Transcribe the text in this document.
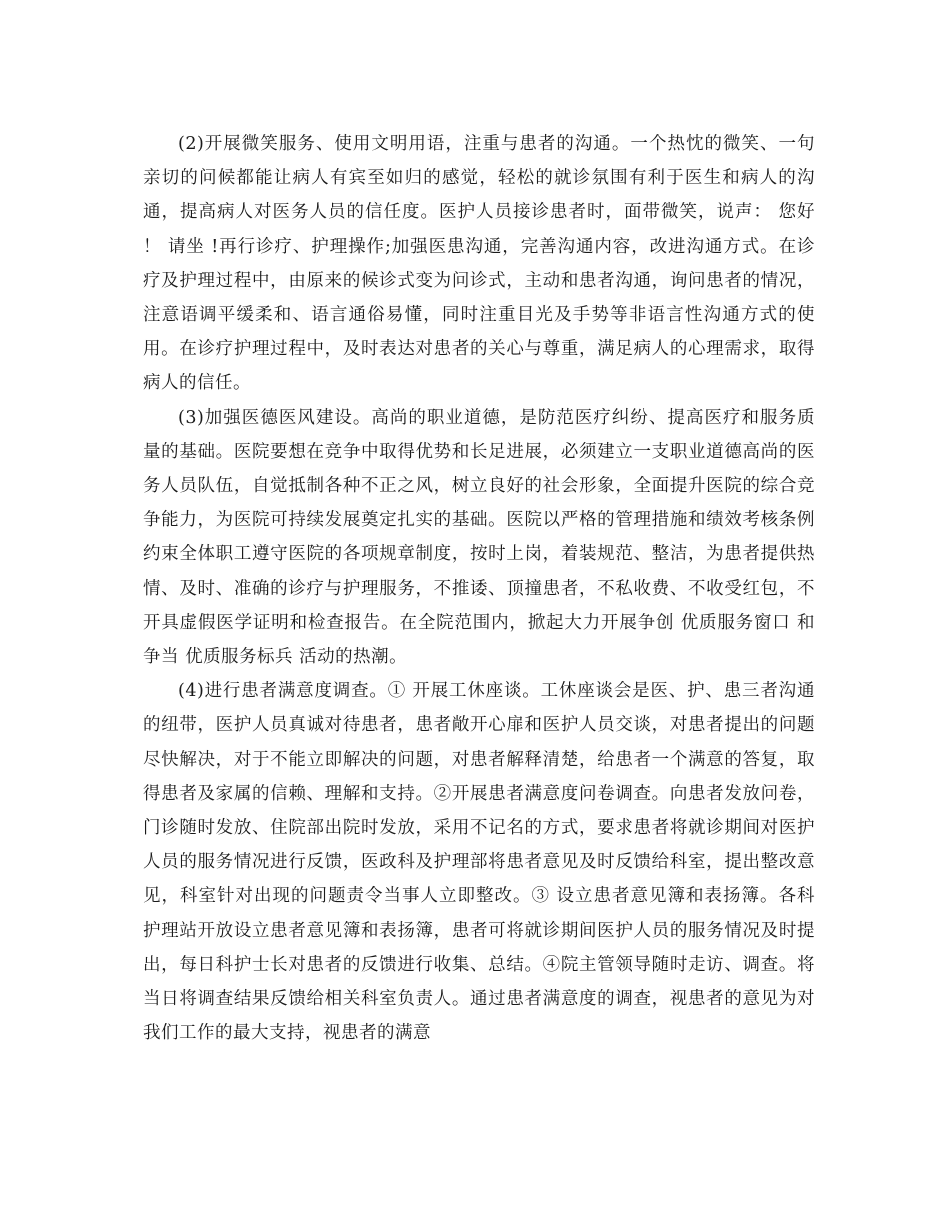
(2)开展微笑服务、使用文明用语，注重与患者的沟通。一个热忱的微笑、一句亲切的问候都能让病人有宾至如归的感觉，轻松的就诊氛围有利于医生和病人的沟通，提高病人对医务人员的信任度。医护人员接诊患者时，面带微笑，说声： 您好 ！ 请坐 !再行诊疗、护理操作;加强医患沟通，完善沟通内容，改进沟通方式。在诊疗及护理过程中，由原来的候诊式变为问诊式，主动和患者沟通，询问患者的情况，注意语调平缓柔和、语言通俗易懂，同时注重目光及手势等非语言性沟通方式的使用。在诊疗护理过程中，及时表达对患者的关心与尊重，满足病人的心理需求，取得病人的信任。

(3)加强医德医风建设。高尚的职业道德，是防范医疗纠纷、提高医疗和服务质量的基础。医院要想在竞争中取得优势和长足进展，必须建立一支职业道德高尚的医务人员队伍，自觉抵制各种不正之风，树立良好的社会形象，全面提升医院的综合竞争能力，为医院可持续发展奠定扎实的基础。医院以严格的管理措施和绩效考核条例约束全体职工遵守医院的各项规章制度，按时上岗，着装规范、整洁，为患者提供热情、及时、准确的诊疗与护理服务，不推诿、顶撞患者，不私收费、不收受红包，不开具虚假医学证明和检查报告。在全院范围内，掀起大力开展争创 优质服务窗口 和争当 优质服务标兵 活动的热潮。

(4)进行患者满意度调查。① 开展工休座谈。工休座谈会是医、护、患三者沟通的纽带，医护人员真诚对待患者，患者敞开心扉和医护人员交谈，对患者提出的问题尽快解决，对于不能立即解决的问题，对患者解释清楚，给患者一个满意的答复，取得患者及家属的信赖、理解和支持。②开展患者满意度问卷调查。向患者发放问卷，门诊随时发放、住院部出院时发放，采用不记名的方式，要求患者将就诊期间对医护人员的服务情况进行反馈，医政科及护理部将患者意见及时反馈给科室，提出整改意见，科室针对出现的问题责令当事人立即整改。③ 设立患者意见簿和表扬簿。各科护理站开放设立患者意见簿和表扬簿，患者可将就诊期间医护人员的服务情况及时提出，每日科护士长对患者的反馈进行收集、总结。④院主管领导随时走访、调查。将当日将调查结果反馈给相关科室负责人。通过患者满意度的调查，视患者的意见为对我们工作的最大支持，视患者的满意
